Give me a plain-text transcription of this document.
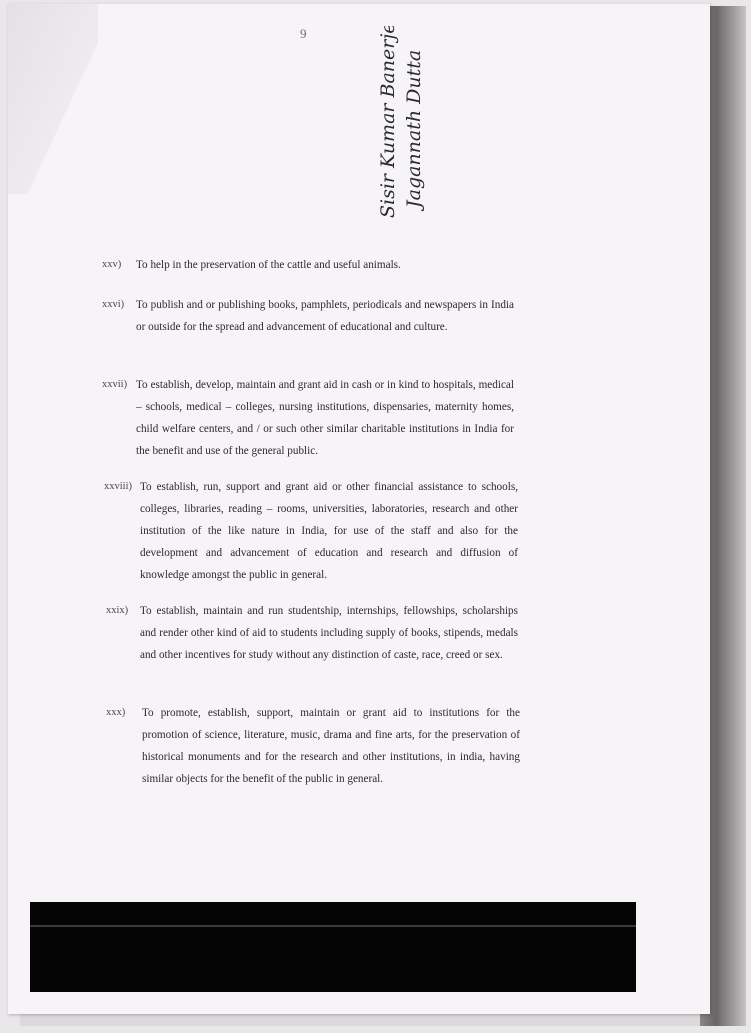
9	Sisir Kumar Banerjee Jagannath Dutta
xxv) To help in the preservation of the cattle and useful animals.
xxvi) To publish and or publishing books, pamphlets, periodicals and newspapers in India or outside for the spread and advancement of educational and culture.
xxvii) To establish, develop, maintain and grant aid in cash or in kind to hospitals, medical – schools, medical – colleges, nursing institutions, dispensaries, maternity homes, child welfare centers, and / or such other similar charitable institutions in India for the benefit and use of the general public.
xxviii) To establish, run, support and grant aid or other financial assistance to schools, colleges, libraries, reading – rooms, universities, laboratories, research and other institution of the like nature in India, for use of the staff and also for the development and advancement of education and research and diffusion of knowledge amongst the public in general.
xxix) To establish, maintain and run studentship, internships, fellowships, scholarships and render other kind of aid to students including supply of books, stipends, medals and other incentives for study without any distinction of caste, race, creed or sex.
xxx) To promote, establish, support, maintain or grant aid to institutions for the promotion of science, literature, music, drama and fine arts, for the preservation of historical monuments and for the research and other institutions, in india, having similar objects for the benefit of the public in general.
